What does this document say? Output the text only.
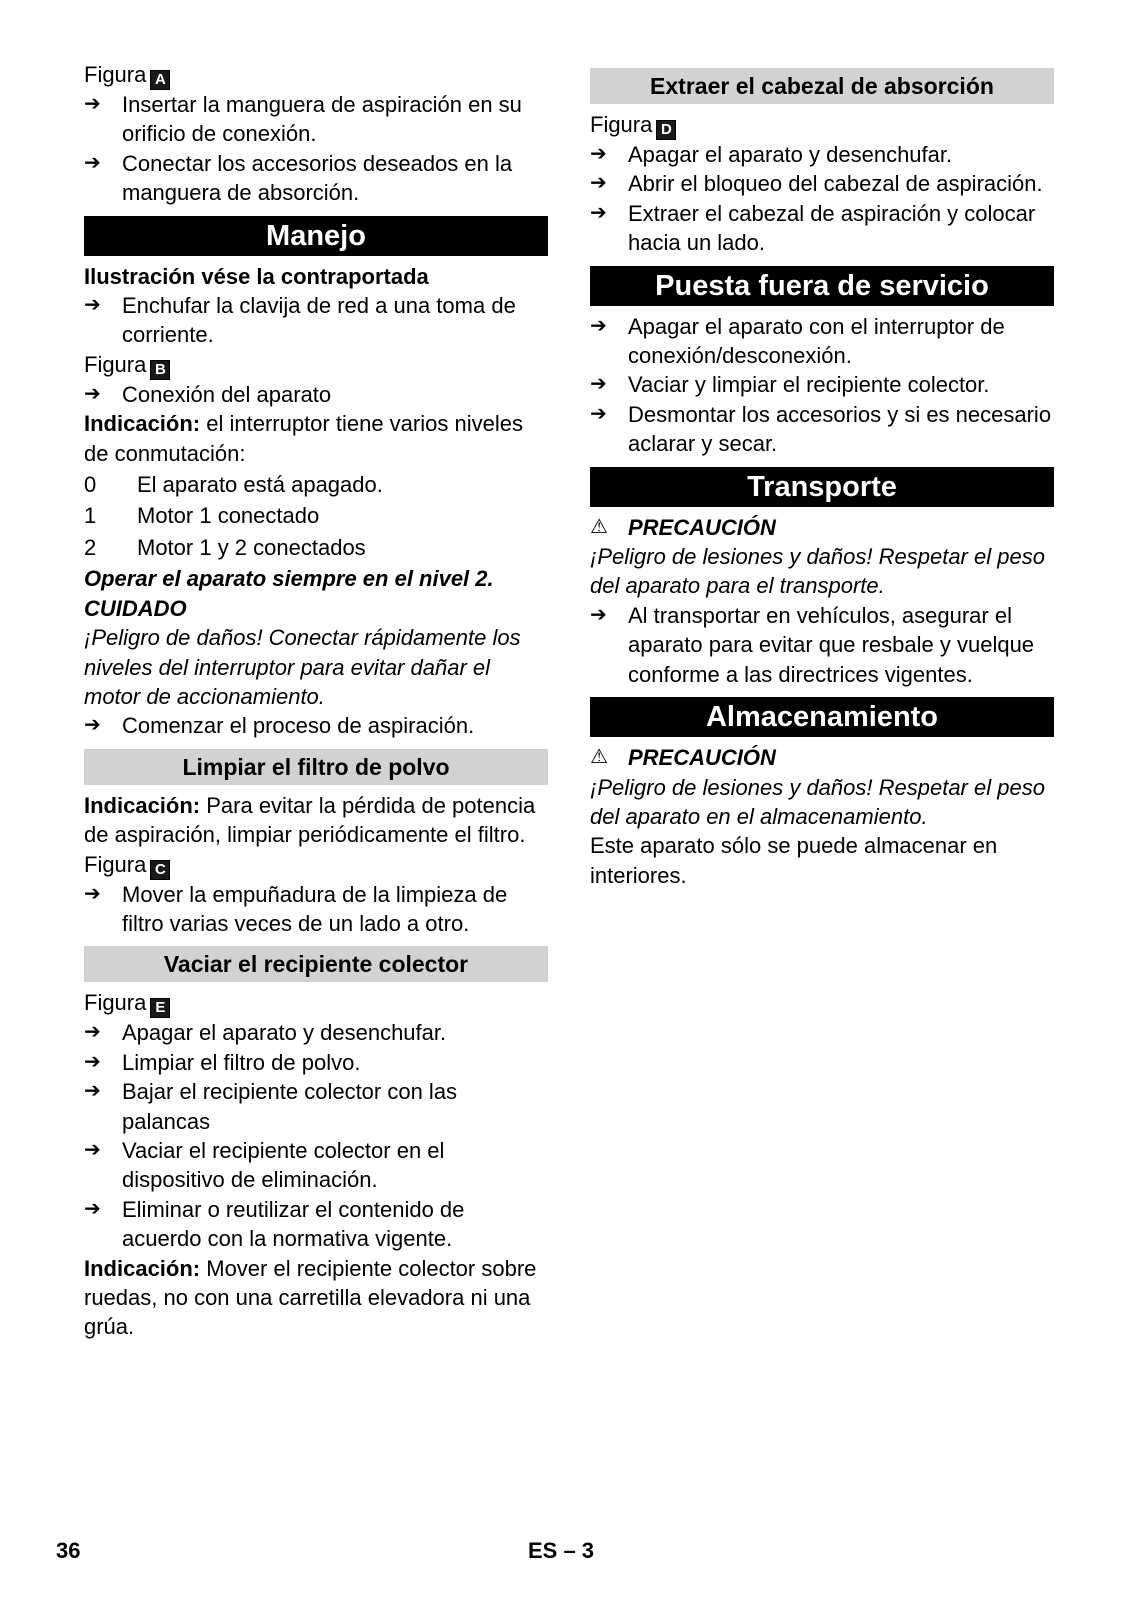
Figura A

➔ Insertar la manguera de aspiración en su orificio de conexión.
➔ Conectar los accesorios deseados en la manguera de absorción.
Manejo

Ilustración vése la contraportada

➔ Enchufar la clavija de red a una toma de corriente.

Figura B

➔ Conexión del aparato

Indicación: el interruptor tiene varios niveles de conmutación:

0	El aparato está apagado.
1	Motor 1 conectado
2	Motor 1 y 2 conectados

Operar el aparato siempre en el nivel 2.

CUIDADO

¡Peligro de daños! Conectar rápidamente los niveles del interruptor para evitar dañar el motor de accionamiento.

➔ Comenzar el proceso de aspiración.
Limpiar el filtro de polvo

Indicación: Para evitar la pérdida de potencia de aspiración, limpiar periódicamente el filtro.

Figura C

➔ Mover la empuñadura de la limpieza de filtro varias veces de un lado a otro.
Vaciar el recipiente colector

Figura E

➔ Apagar el aparato y desenchufar.
➔ Limpiar el filtro de polvo.
➔ Bajar el recipiente colector con las palancas
➔ Vaciar el recipiente colector en el dispositivo de eliminación.
➔ Eliminar o reutilizar el contenido de acuerdo con la normativa vigente.

Indicación: Mover el recipiente colector sobre ruedas, no con una carretilla elevadora ni una grúa.

Extraer el cabezal de absorción

Figura D

➔ Apagar el aparato y desenchufar.
➔ Abrir el bloqueo del cabezal de aspiración.
➔ Extraer el cabezal de aspiración y colocar hacia un lado.
Puesta fuera de servicio
➔ Apagar el aparato con el interruptor de conexión/desconexión.
➔ Vaciar y limpiar el recipiente colector.
➔ Desmontar los accesorios y si es necesario aclarar y secar.
Transporte
⚠ PRECAUCIÓN

¡Peligro de lesiones y daños! Respetar el peso del aparato para el transporte.

➔ Al transportar en vehículos, asegurar el aparato para evitar que resbale y vuelque conforme a las directrices vigentes.
Almacenamiento
⚠ PRECAUCIÓN

¡Peligro de lesiones y daños! Respetar el peso del aparato en el almacenamiento.

Este aparato sólo se puede almacenar en interiores.

36	ES – 3
